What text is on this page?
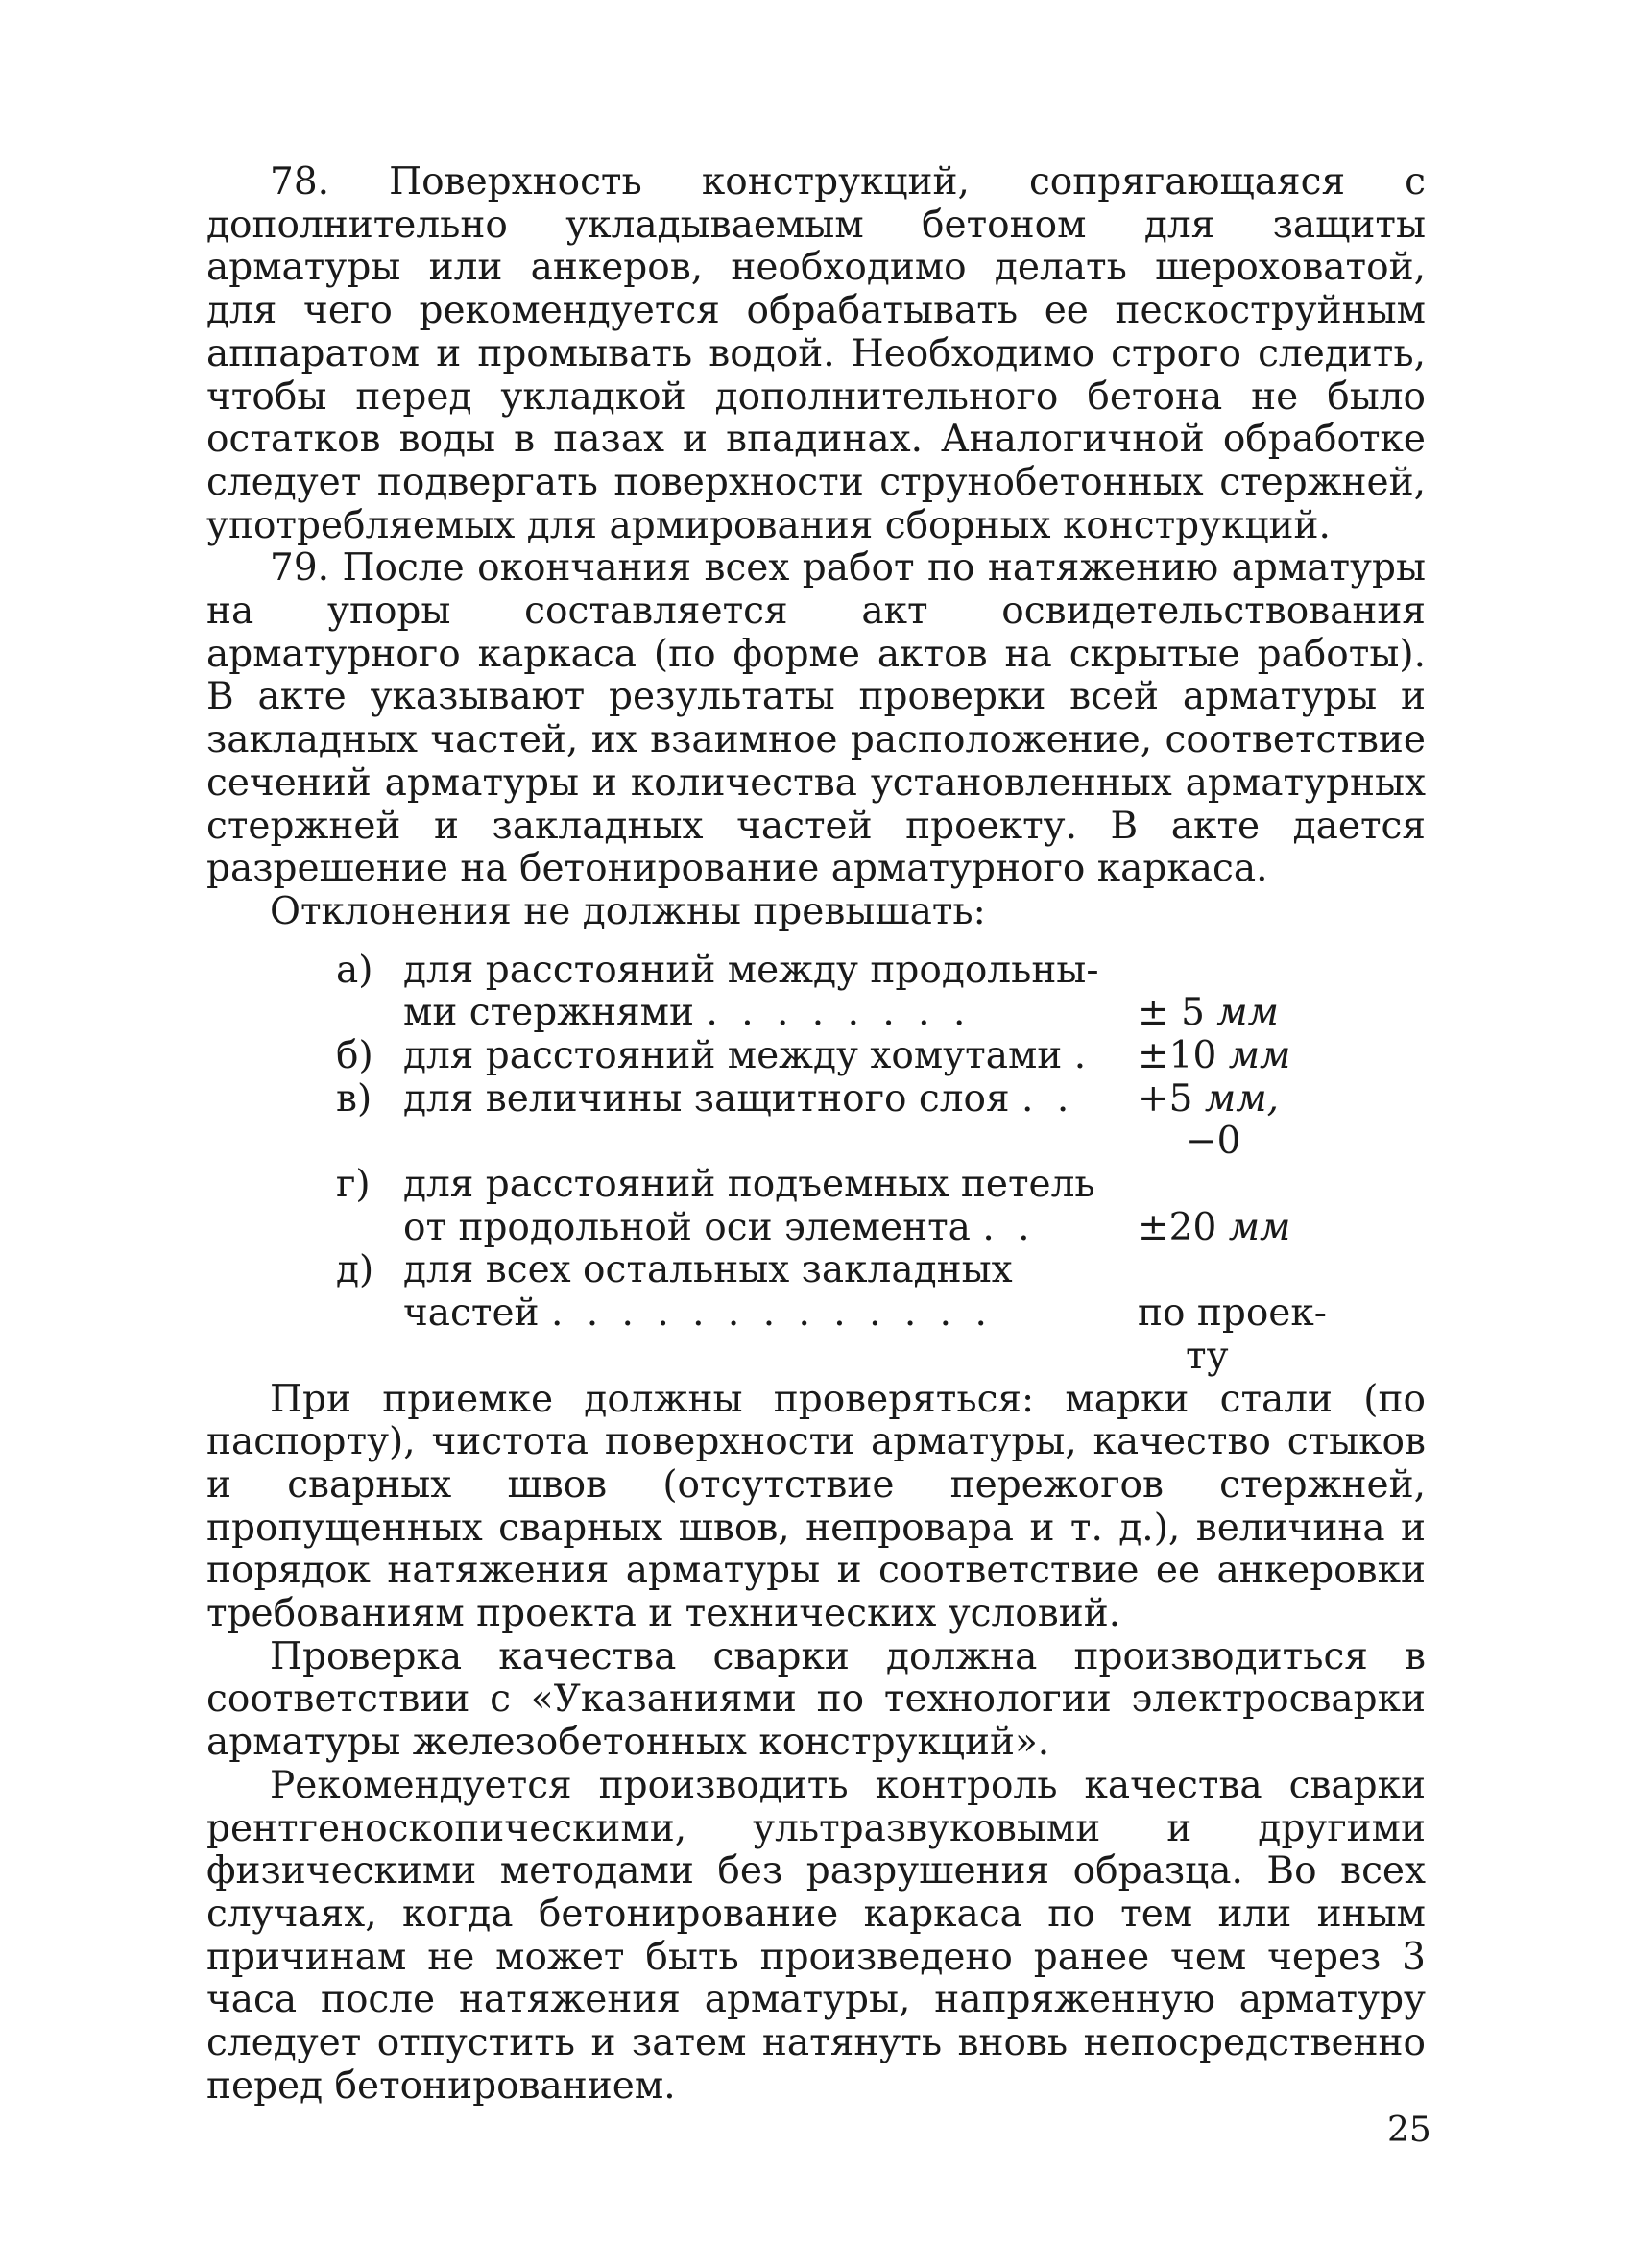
78. Поверхность конструкций, сопрягающаяся с дополнительно укладываемым бетоном для защиты арматуры или анкеров, необходимо делать шероховатой, для чего рекомендуется обрабатывать ее пескоструйным аппаратом и промывать водой. Необходимо строго следить, чтобы перед укладкой дополнительного бетона не было остатков воды в пазах и впадинах. Аналогичной обработке следует подвергать поверхности струнобетонных стержней, употребляемых для армирования сборных конструкций.

79. После окончания всех работ по натяжению арматуры на упоры составляется акт освидетельствования арматурного каркаса (по форме актов на скрытые работы). В акте указывают результаты проверки всей арматуры и закладных частей, их взаимное расположение, соответствие сечений арматуры и количества установленных арматурных стержней и закладных частей проекту. В акте дается разрешение на бетонирование арматурного каркаса.

Отклонения не должны превышать:

а) для расстояний между продольны-
ми стержнями . . . . . . . .	± 5 мм
б) для расстояний между хомутами . ±10 мм
в) для величины защитного слоя . . +5 мм,
−0
г) для расстояний подъемных петель
от продольной оси элемента . .	±20 мм
д) для всех остальных закладных
частей . . . . . . . . . . . . .	по проек-
ту

При приемке должны проверяться: марки стали (по паспорту), чистота поверхности арматуры, качество стыков и сварных швов (отсутствие пережогов стержней, пропущенных сварных швов, непровара и т. д.), величина и порядок натяжения арматуры и соответствие ее анкеровки требованиям проекта и технических условий.

Проверка качества сварки должна производиться в соответствии с «Указаниями по технологии электросварки арматуры железобетонных конструкций».

Рекомендуется производить контроль качества сварки рентгеноскопическими, ультразвуковыми и другими физическими методами без разрушения образца. Во всех случаях, когда бетонирование каркаса по тем или иным причинам не может быть произведено ранее чем через 3 часа после натяжения арматуры, напряженную арматуру следует отпустить и затем натянуть вновь непосредственно перед бетонированием.

25
